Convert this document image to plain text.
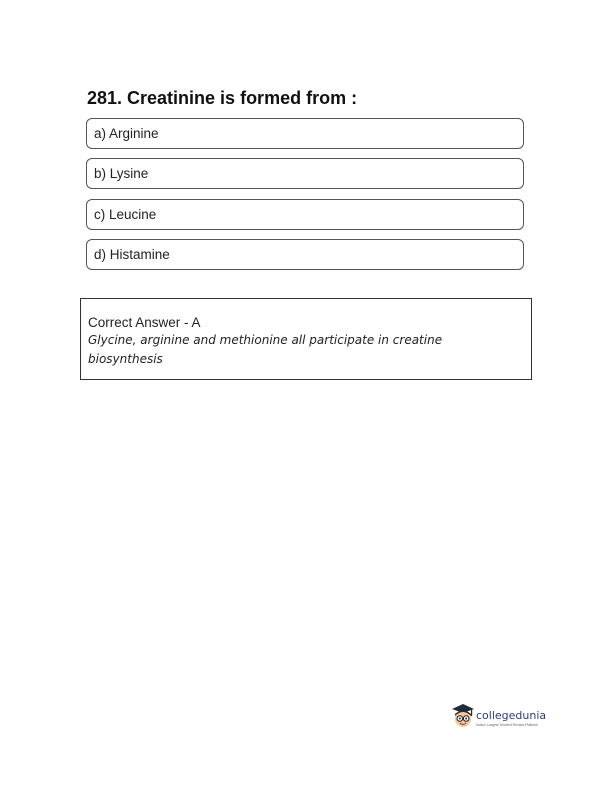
281. Creatinine is formed from :
a) Arginine
b) Lysine
c) Leucine
d) Histamine
Correct Answer - A
Glycine, arginine and methionine all participate in creatine biosynthesis
collegedunia
India's Largest Student Review Platform
